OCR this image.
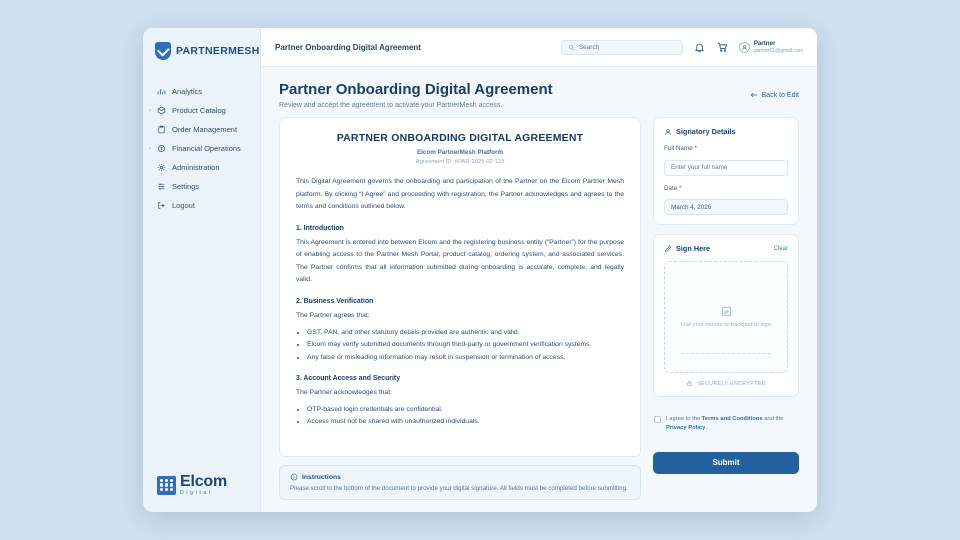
PARTNERMESH
Analytics
›	Product Catalog
Order Management
›	Financial Operations
Administration
Settings
Logout
Elcom
Digital
Partner Onboarding Digital Agreement
Search	Partner
partner01@gmail.com
Partner Onboarding Digital Agreement
Review and accept the agreement to activate your PartnerMesh access.
Back to Edit
PARTNER ONBOARDING DIGITAL AGREEMENT
Elcom PartnerMesh Platform
Agreement ID: #PAR-2025-02-123
This Digital Agreement governs the onboarding and participation of the Partner on the Elcom Partner Mesh platform. By clicking “I Agree” and proceeding with registration, the Partner acknowledges and agrees to the terms and conditions outlined below.
1. Introduction
This Agreement is entered into between Elcom and the registering business entity (“Partner”) for the purpose of enabling access to the Partner Mesh Portal, product catalog, ordering system, and associated services. The Partner confirms that all information submitted during onboarding is accurate, complete, and legally valid.
2. Business Verification
The Partner agrees that:
• GST, PAN, and other statutory details provided are authentic and valid.
• Elcom may verify submitted documents through third-party or government verification systems.
• Any false or misleading information may result in suspension or termination of access.
3. Account Access and Security
The Partner acknowledges that:
• OTP-based login credentials are confidential.
• Access must not be shared with unauthorized individuals.
Instructions
Please scroll to the bottom of the document to provide your digital signature. All fields must be completed before submitting.
Signatory Details
Full Name *
Enter your full name
Date *
March 4, 2026
Sign Here	Clear
Use your mouse or trackpad to sign
SECURELY ENCRYPTED
I agree to the Terms and Conditions and the Privacy Policy.
Submit
